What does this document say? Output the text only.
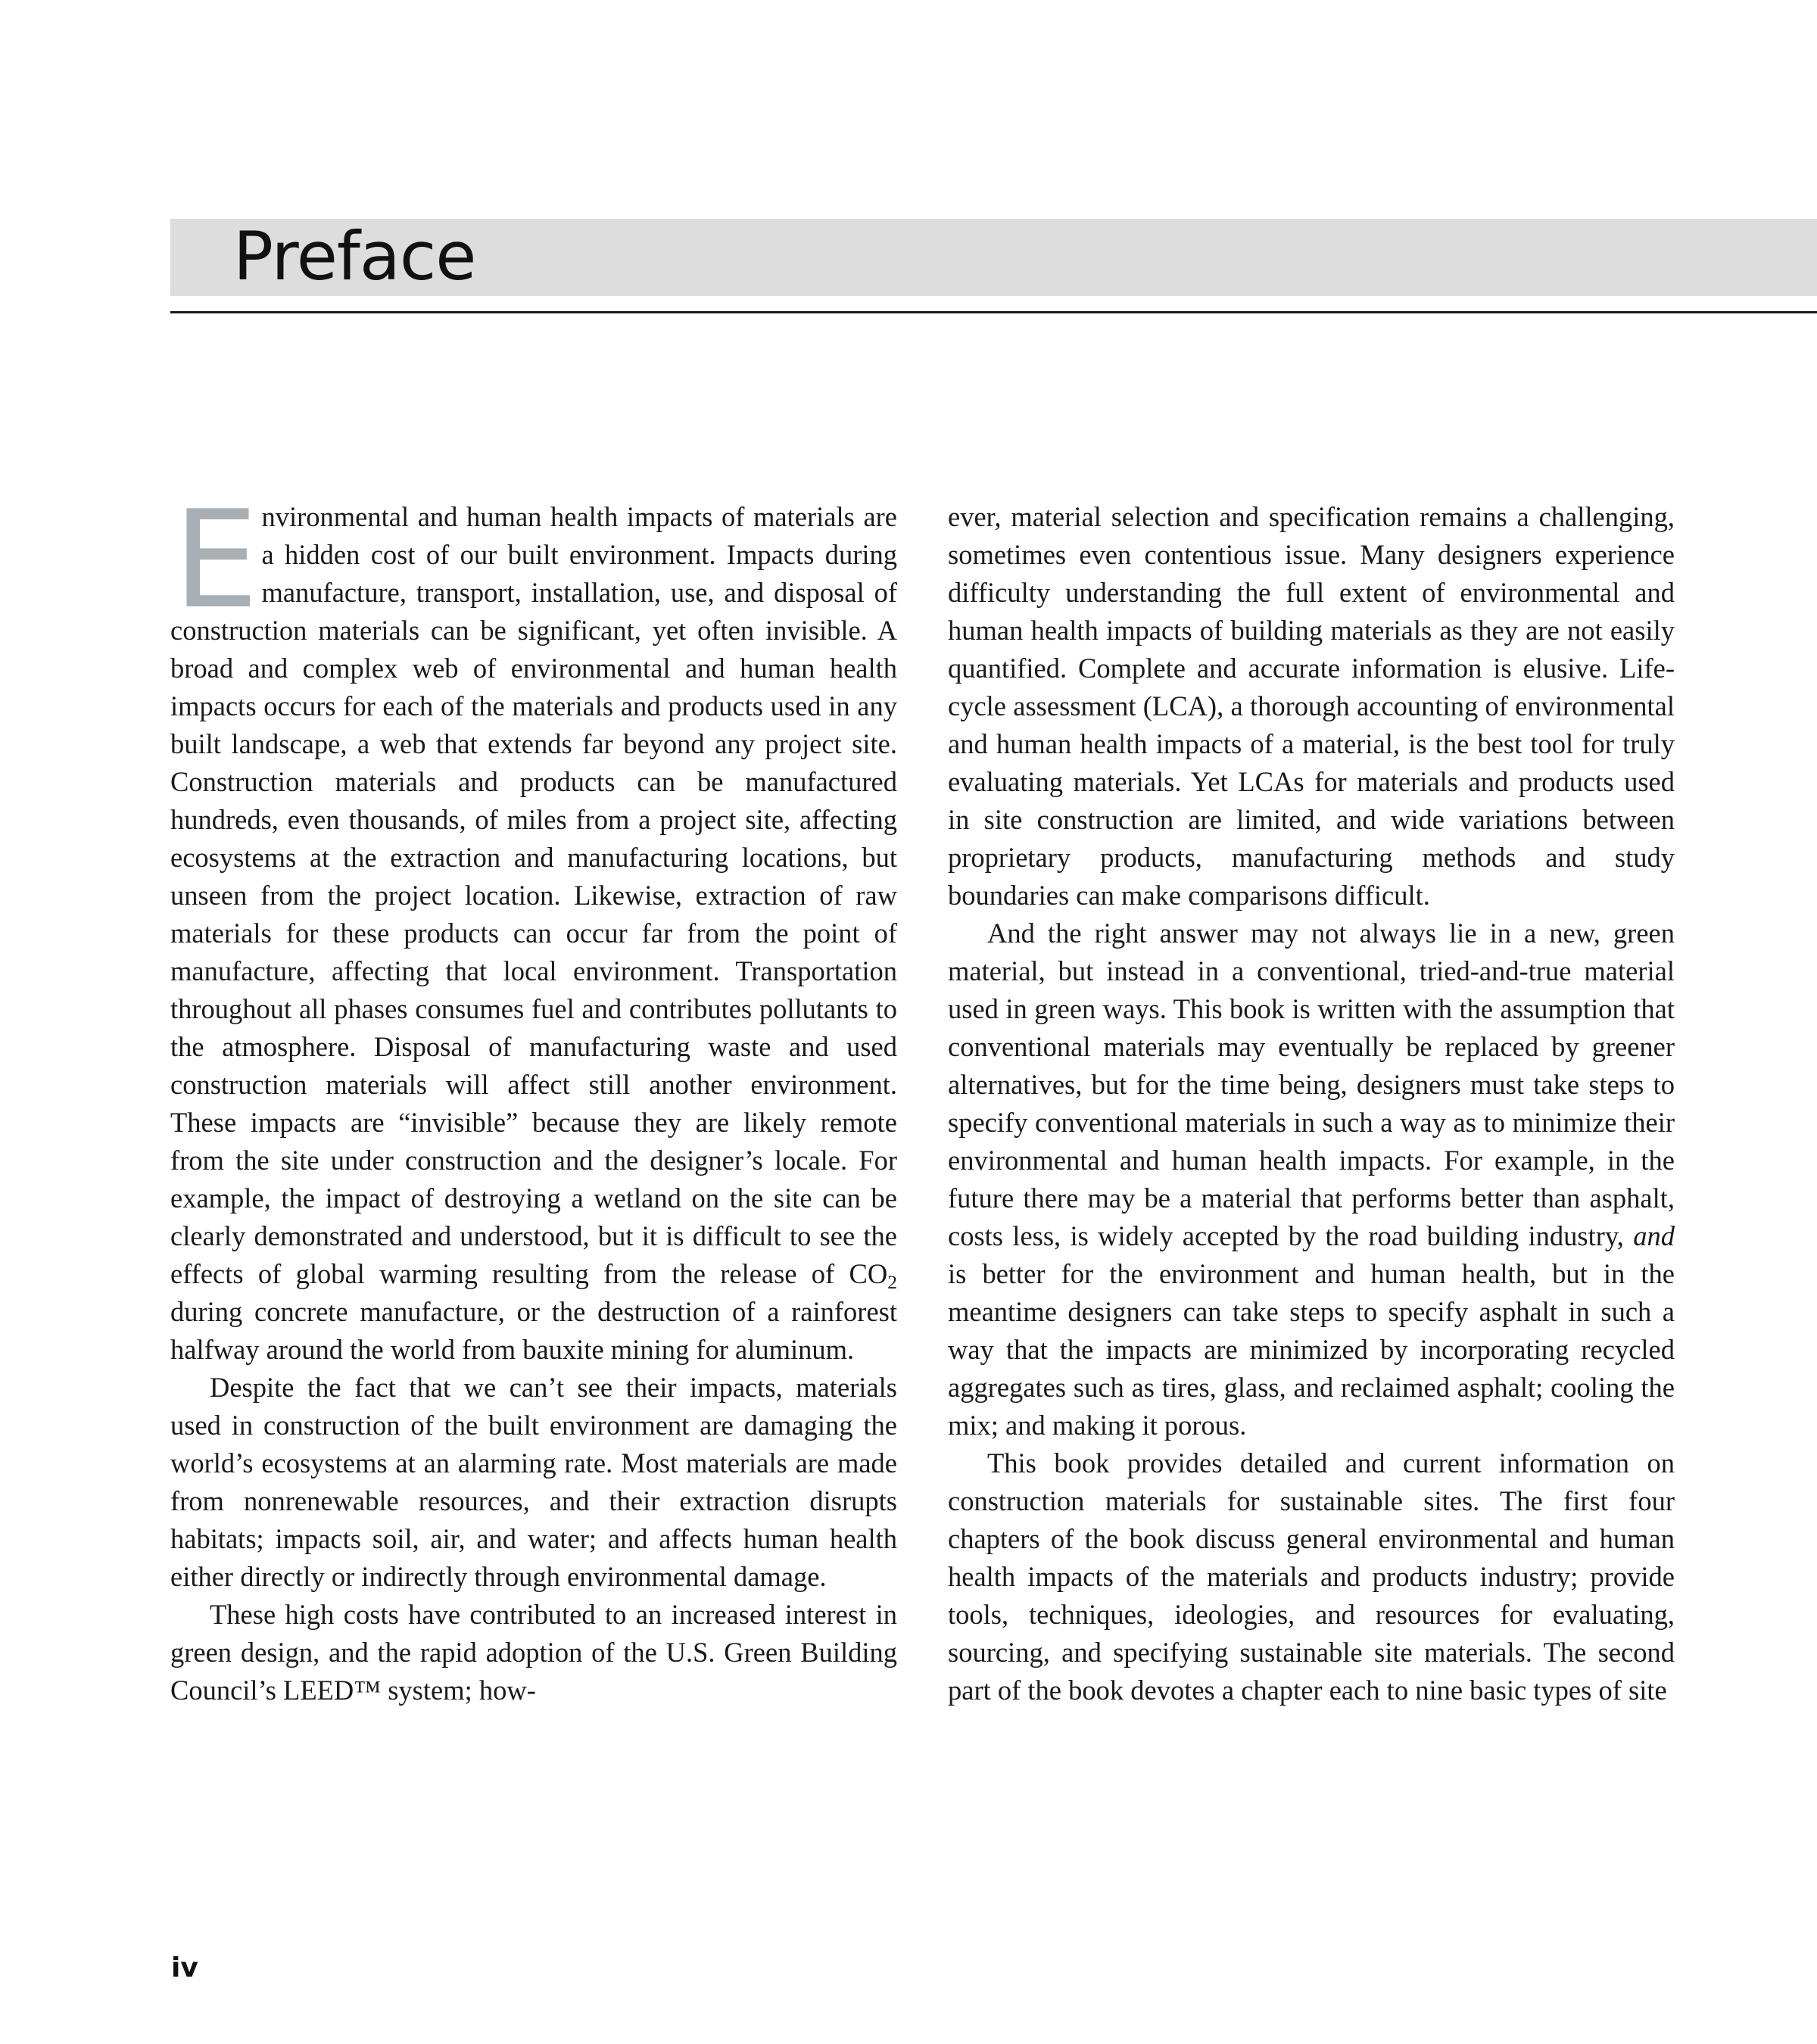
Preface

Environmental and human health impacts of materials are a hidden cost of our built environment. Impacts during manufacture, transport, installation, use, and disposal of construction materials can be significant, yet often invisible. A broad and complex web of environmental and human health impacts occurs for each of the materials and products used in any built landscape, a web that extends far beyond any project site. Construction materials and products can be manufactured hundreds, even thousands, of miles from a project site, affecting ecosystems at the extraction and manufacturing locations, but unseen from the project location. Likewise, extraction of raw materials for these products can occur far from the point of manufacture, affecting that local environment. Transportation throughout all phases consumes fuel and contributes pollutants to the atmosphere. Disposal of manufacturing waste and used construction materials will affect still another environment. These impacts are “invisible” because they are likely remote from the site under construction and the designer’s locale. For example, the impact of destroying a wetland on the site can be clearly demonstrated and understood, but it is difficult to see the effects of global warming resulting from the release of $CO_2$ during concrete manufacture, or the destruction of a rainforest halfway around the world from bauxite mining for aluminum.

Despite the fact that we can’t see their impacts, materials used in construction of the built environment are damaging the world’s ecosystems at an alarming rate. Most materials are made from nonrenewable resources, and their extraction disrupts habitats; impacts soil, air, and water; and affects human health either directly or indirectly through environmental damage.

These high costs have contributed to an increased interest in green design, and the rapid adoption of the U.S. Green Building Council’s LEED™ system; how-

ever, material selection and specification remains a challenging, sometimes even contentious issue. Many designers experience difficulty understanding the full extent of environmental and human health impacts of building materials as they are not easily quantified. Complete and accurate information is elusive. Life-cycle assessment (LCA), a thorough accounting of environmental and human health impacts of a material, is the best tool for truly evaluating materials. Yet LCAs for materials and products used in site construction are limited, and wide variations between proprietary products, manufacturing methods and study boundaries can make comparisons difficult.

And the right answer may not always lie in a new, green material, but instead in a conventional, tried-and-true material used in green ways. This book is written with the assumption that conventional materials may eventually be replaced by greener alternatives, but for the time being, designers must take steps to specify conventional materials in such a way as to minimize their environmental and human health impacts. For example, in the future there may be a material that performs better than asphalt, costs less, is widely accepted by the road building industry, and is better for the environment and human health, but in the meantime designers can take steps to specify asphalt in such a way that the impacts are minimized by incorporating recycled aggregates such as tires, glass, and reclaimed asphalt; cooling the mix; and making it porous.

This book provides detailed and current information on construction materials for sustainable sites. The first four chapters of the book discuss general environmental and human health impacts of the materials and products industry; provide tools, techniques, ideologies, and resources for evaluating, sourcing, and specifying sustainable site materials. The second part of the book devotes a chapter each to nine basic types of site

iv
